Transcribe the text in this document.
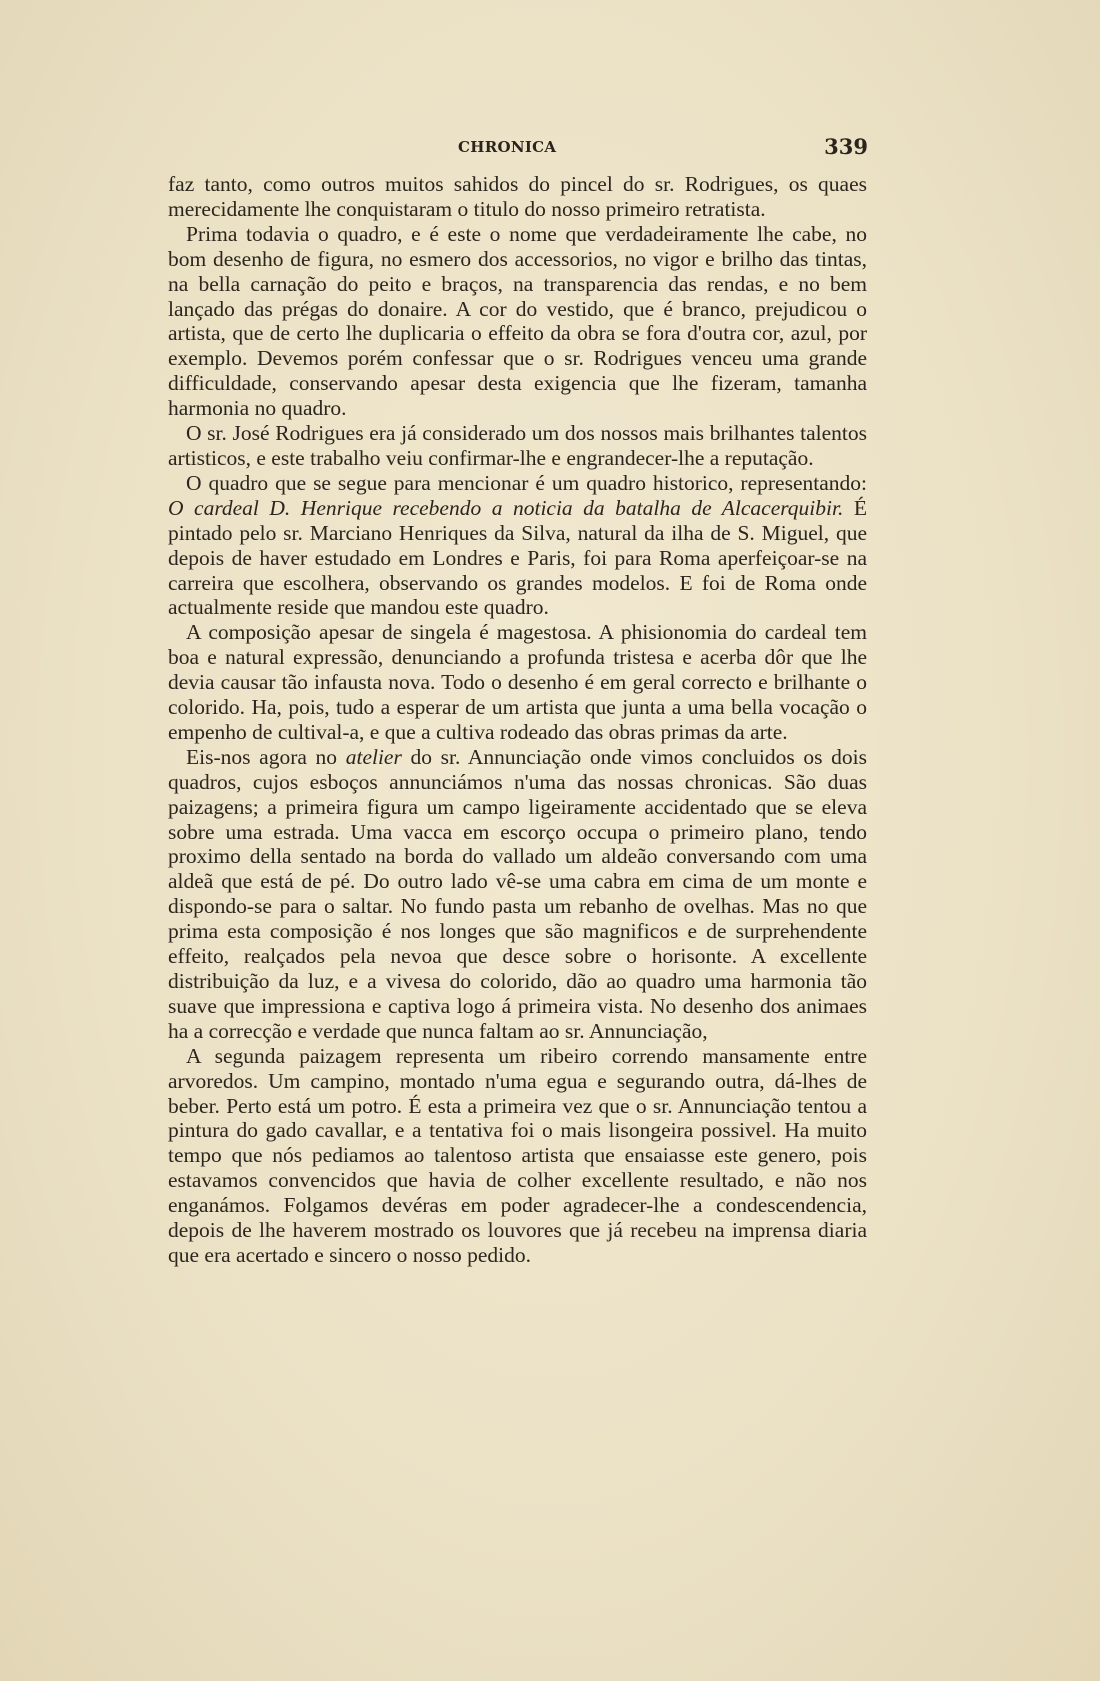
CHRONICA	339

faz tanto, como outros muitos sahidos do pincel do sr. Rodrigues, os quaes merecidamente lhe conquistaram o titulo do nosso primeiro retratista.

Prima todavia o quadro, e é este o nome que verdadeiramente lhe cabe, no bom desenho de figura, no esmero dos accessorios, no vigor e brilho das tintas, na bella carnação do peito e braços, na transparencia das rendas, e no bem lançado das prégas do donaire. A cor do vestido, que é branco, prejudicou o artista, que de certo lhe duplicaria o effeito da obra se fora d'outra cor, azul, por exemplo. Devemos porém confessar que o sr. Rodrigues venceu uma grande difficuldade, conservando apesar desta exigencia que lhe fizeram, tamanha harmonia no quadro.

O sr. José Rodrigues era já considerado um dos nossos mais brilhantes talentos artisticos, e este trabalho veiu confirmar-lhe e engrandecer-lhe a reputação.

O quadro que se segue para mencionar é um quadro historico, representando: O cardeal D. Henrique recebendo a noticia da batalha de Alcacerquibir. É pintado pelo sr. Marciano Henriques da Silva, natural da ilha de S. Miguel, que depois de haver estudado em Londres e Paris, foi para Roma aperfeiçoar-se na carreira que escolhera, observando os grandes modelos. E foi de Roma onde actualmente reside que mandou este quadro.

A composição apesar de singela é magestosa. A phisionomia do cardeal tem boa e natural expressão, denunciando a profunda tristesa e acerba dôr que lhe devia causar tão infausta nova. Todo o desenho é em geral correcto e brilhante o colorido. Ha, pois, tudo a esperar de um artista que junta a uma bella vocação o empenho de cultival-a, e que a cultiva rodeado das obras primas da arte.

Eis-nos agora no atelier do sr. Annunciação onde vimos concluidos os dois quadros, cujos esboços annunciámos n'uma das nossas chronicas. São duas paizagens; a primeira figura um campo ligeiramente accidentado que se eleva sobre uma estrada. Uma vacca em escorço occupa o primeiro plano, tendo proximo della sentado na borda do vallado um aldeão conversando com uma aldeã que está de pé. Do outro lado vê-se uma cabra em cima de um monte e dispondo-se para o saltar. No fundo pasta um rebanho de ovelhas. Mas no que prima esta composição é nos longes que são magnificos e de surprehendente effeito, realçados pela nevoa que desce sobre o horisonte. A excellente distribuição da luz, e a vivesa do colorido, dão ao quadro uma harmonia tão suave que impressiona e captiva logo á primeira vista. No desenho dos animaes ha a correcção e verdade que nunca faltam ao sr. Annunciação,

A segunda paizagem representa um ribeiro correndo mansamente entre arvoredos. Um campino, montado n'uma egua e segurando outra, dá-lhes de beber. Perto está um potro. É esta a primeira vez que o sr. Annunciação tentou a pintura do gado cavallar, e a tentativa foi o mais lisongeira possivel. Ha muito tempo que nós pediamos ao talentoso artista que ensaiasse este genero, pois estavamos convencidos que havia de colher excellente resultado, e não nos enganámos. Folgamos devéras em poder agradecer-lhe a condescendencia, depois de lhe haverem mostrado os louvores que já recebeu na imprensa diaria que era acertado e sincero o nosso pedido.
